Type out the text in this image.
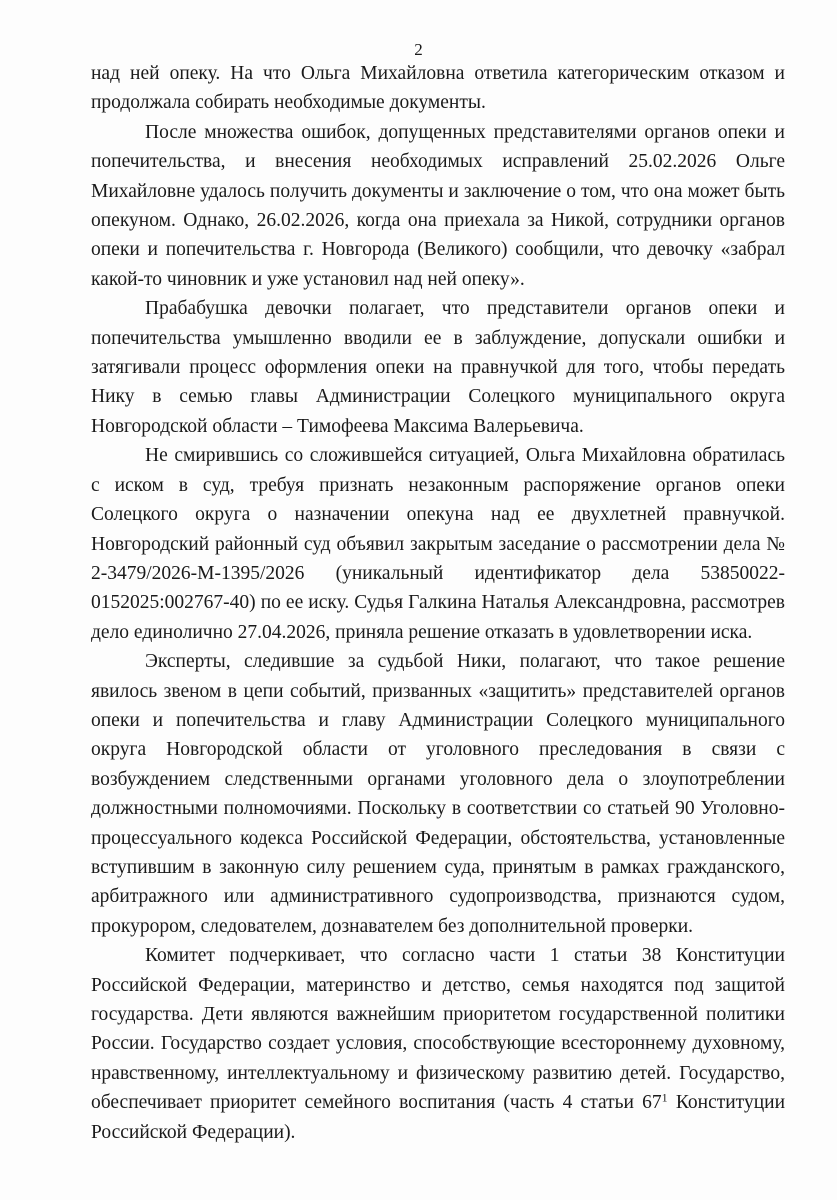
2

над ней опеку. На что Ольга Михайловна ответила категорическим отказом и продолжала собирать необходимые документы.

После множества ошибок, допущенных представителями органов опеки и попечительства, и внесения необходимых исправлений 25.02.2026 Ольге Михайловне удалось получить документы и заключение о том, что она может быть опекуном. Однако, 26.02.2026, когда она приехала за Никой, сотрудники органов опеки и попечительства г. Новгорода (Великого) сообщили, что девочку «забрал какой-то чиновник и уже установил над ней опеку».

Прабабушка девочки полагает, что представители органов опеки и попечительства умышленно вводили ее в заблуждение, допускали ошибки и затягивали процесс оформления опеки на правнучкой для того, чтобы передать Нику в семью главы Администрации Солецкого муниципального округа Новгородской области – Тимофеева Максима Валерьевича.

Не смирившись со сложившейся ситуацией, Ольга Михайловна обратилась с иском в суд, требуя признать незаконным распоряжение органов опеки Солецкого округа о назначении опекуна над ее двухлетней правнучкой. Новгородский районный суд объявил закрытым заседание о рассмотрении дела № 2-3479/2026-М-1395/2026 (уникальный идентификатор дела 53850022-0152025:002767-40) по ее иску. Судья Галкина Наталья Александровна, рассмотрев дело единолично 27.04.2026, приняла решение отказать в удовлетворении иска.

Эксперты, следившие за судьбой Ники, полагают, что такое решение явилось звеном в цепи событий, призванных «защитить» представителей органов опеки и попечительства и главу Администрации Солецкого муниципального округа Новгородской области от уголовного преследования в связи с возбуждением следственными органами уголовного дела о злоупотреблении должностными полномочиями. Поскольку в соответствии со статьей 90 Уголовно-процессуального кодекса Российской Федерации, обстоятельства, установленные вступившим в законную силу решением суда, принятым в рамках гражданского, арбитражного или административного судопроизводства, признаются судом, прокурором, следователем, дознавателем без дополнительной проверки.

Комитет подчеркивает, что согласно части 1 статьи 38 Конституции Российской Федерации, материнство и детство, семья находятся под защитой государства. Дети являются важнейшим приоритетом государственной политики России. Государство создает условия, способствующие всестороннему духовному, нравственному, интеллектуальному и физическому развитию детей. Государство, обеспечивает приоритет семейного воспитания (часть 4 статьи $67^1$ Конституции Российской Федерации).
